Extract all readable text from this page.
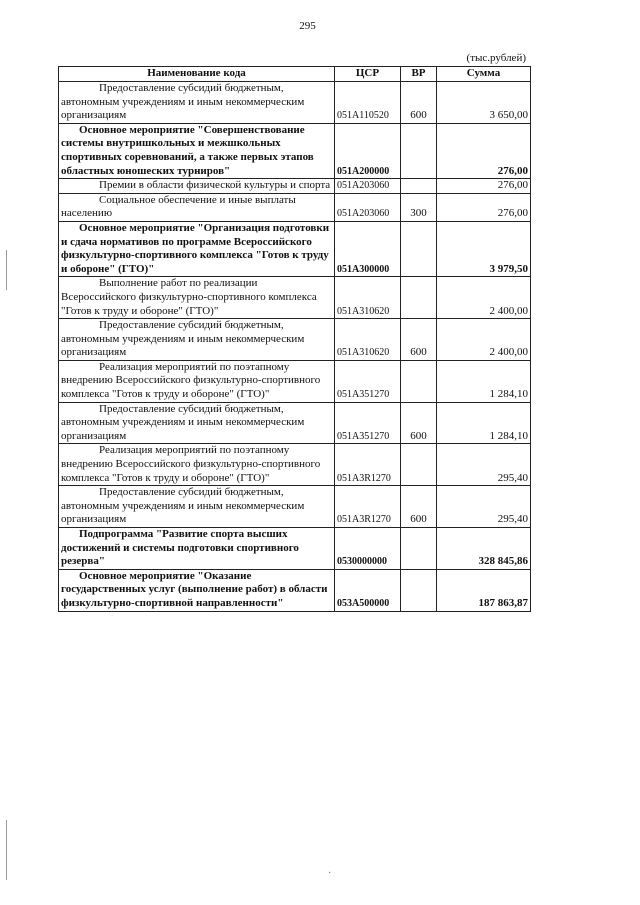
295
(тыс.рублей)
Наименование кода	ЦСР	ВР	Сумма
Предоставление субсидий бюджетным, автономным учреждениям и иным некоммерческим организациям	051А110520	600	3 650,00
Основное мероприятие "Совершенствование системы внутришкольных и межшкольных спортивных соревнований, а также первых этапов областных юношеских турниров"	051А200000		276,00
Премии в области физической культуры и спорта	051А203060		276,00
Социальное обеспечение и иные выплаты населению	051А203060	300	276,00
Основное мероприятие "Организация подготовки и сдача нормативов по программе Всероссийского физкультурно-спортивного комплекса "Готов к труду и обороне" (ГТО)"	051А300000		3 979,50
Выполнение работ по реализации Всероссийского физкультурно-спортивного комплекса "Готов к труду и обороне" (ГТО)"	051А310620		2 400,00
Предоставление субсидий бюджетным, автономным учреждениям и иным некоммерческим организациям	051А310620	600	2 400,00
Реализация мероприятий по поэтапному внедрению Всероссийского физкультурно-спортивного комплекса "Готов к труду и обороне" (ГТО)"	051А351270		1 284,10
Предоставление субсидий бюджетным, автономным учреждениям и иным некоммерческим организациям	051А351270	600	1 284,10
Реализация мероприятий по поэтапному внедрению Всероссийского физкультурно-спортивного комплекса "Готов к труду и обороне" (ГТО)"	051А3R1270		295,40
Предоставление субсидий бюджетным, автономным учреждениям и иным некоммерческим организациям	051А3R1270	600	295,40
Подпрограмма "Развитие спорта высших достижений и системы подготовки спортивного резерва"	0530000000		328 845,86
Основное мероприятие "Оказание государственных услуг (выполнение работ) в области физкультурно-спортивной направленности"	053А500000		187 863,87
·
